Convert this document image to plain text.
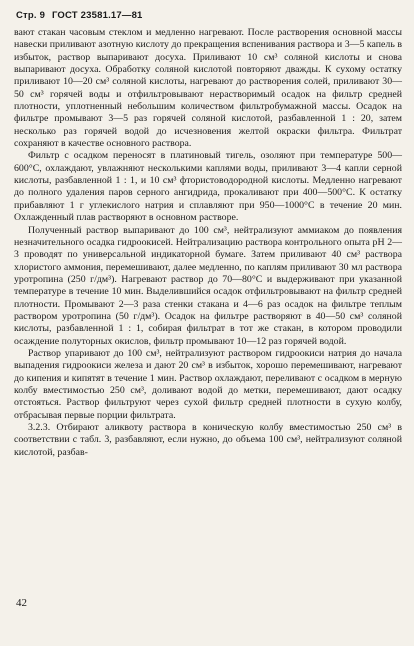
Стр. 9 ГОСТ 23581.17—81

вают стакан часовым стеклом и медленно нагревают. После растворения основной массы навески приливают азотную кислоту до прекращения вспенивания раствора и 3—5 капель в избыток, раствор выпаривают досуха. Приливают 10 см³ соляной кислоты и снова выпаривают досуха. Обработку соляной кислотой повторяют дважды. К сухому остатку приливают 10—20 см³ соляной кислоты, нагревают до растворения солей, приливают 30—50 см³ горячей воды и отфильтровывают нерастворимый осадок на фильтр средней плотности, уплотненный небольшим количеством фильтробумажной массы. Осадок на фильтре промывают 3—5 раз горячей соляной кислотой, разбавленной 1 : 20, затем несколько раз горячей водой до исчезновения желтой окраски фильтра. Фильтрат сохраняют в качестве основного раствора.

Фильтр с осадком переносят в платиновый тигель, озоляют при температуре 500—600°С, охлаждают, увлажняют несколькими каплями воды, приливают 3—4 капли серной кислоты, разбавленной 1 : 1, и 10 см³ фтористоводородной кислоты. Медленно нагревают до полного удаления паров серного ангидрида, прокаливают при 400—500°С. К остатку прибавляют 1 г углекислого натрия и сплавляют при 950—1000°С в течение 20 мин. Охлажденный плав растворяют в основном растворе.

Полученный раствор выпаривают до 100 см³, нейтрализуют аммиаком до появления незначительного осадка гидроокисей. Нейтрализацию раствора контрольного опыта pH 2—3 проводят по универсальной индикаторной бумаге. Затем приливают 40 см³ раствора хлористого аммония, перемешивают, далее медленно, по каплям приливают 30 мл раствора уротропина (250 г/дм³). Нагревают раствор до 70—80°С и выдерживают при указанной температуре в течение 10 мин. Выделившийся осадок отфильтровывают на фильтр средней плотности. Промывают 2—3 раза стенки стакана и 4—6 раз осадок на фильтре теплым раствором уротропина (50 г/дм³). Осадок на фильтре растворяют в 40—50 см³ соляной кислоты, разбавленной 1 : 1, собирая фильтрат в тот же стакан, в котором проводили осаждение полуторных окислов, фильтр промывают 10—12 раз горячей водой.

Раствор упаривают до 100 см³, нейтрализуют раствором гидроокиси натрия до начала выпадения гидроокиси железа и дают 20 см³ в избыток, хорошо перемешивают, нагревают до кипения и кипятят в течение 1 мин. Раствор охлаждают, переливают с осадком в мерную колбу вместимостью 250 см³, доливают водой до метки, перемешивают, дают осадку отстояться. Раствор фильтруют через сухой фильтр средней плотности в сухую колбу, отбрасывая первые порции фильтрата.

3.2.3. Отбирают аликвоту раствора в коническую колбу вместимостью 250 см³ в соответствии с табл. 3, разбавляют, если нужно, до объема 100 см³, нейтрализуют соляной кислотой, разбав-

42
